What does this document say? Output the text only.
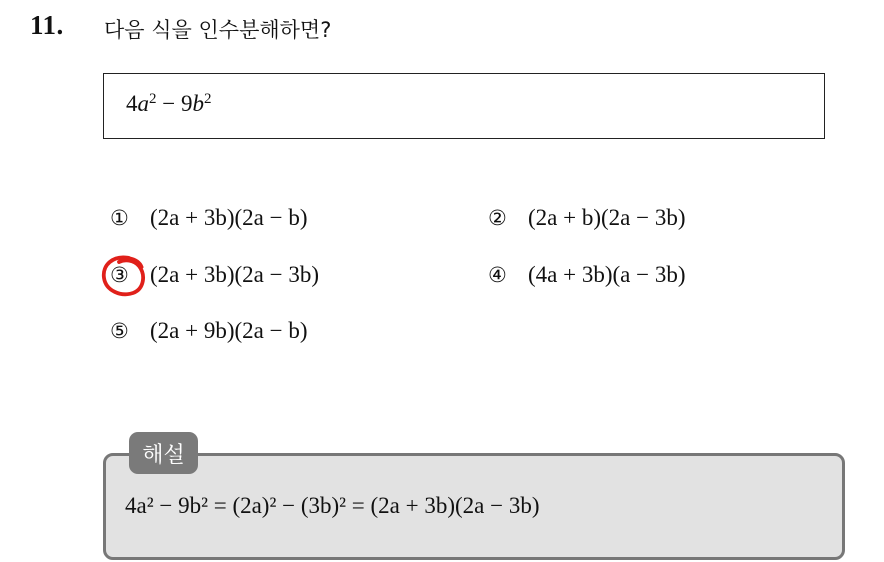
11. 다음 식을 인수분해하면?
$4a^2 - 9b^2$
① (2a + 3b)(2a − b)	② (2a + b)(2a − 3b)
③ (2a + 3b)(2a − 3b)	④ (4a + 3b)(a − 3b)
⑤ (2a + 9b)(2a − b)
해설
4a² − 9b² = (2a)² − (3b)² = (2a + 3b)(2a − 3b)
